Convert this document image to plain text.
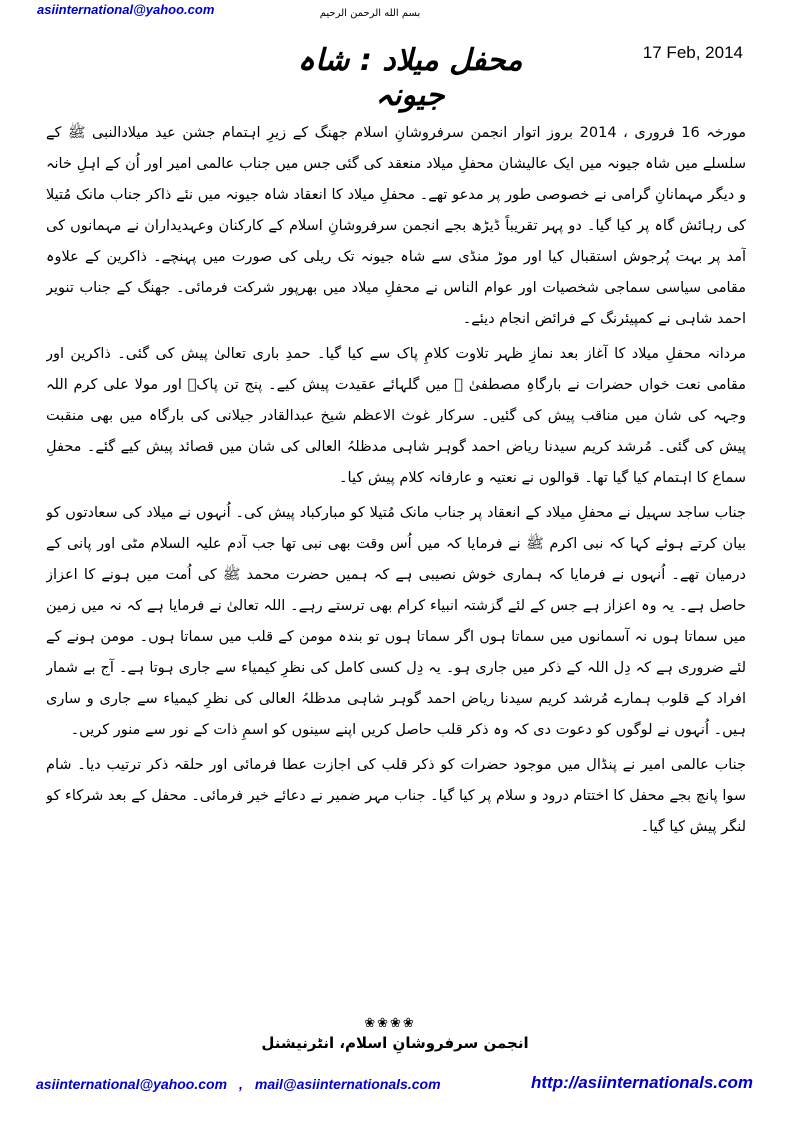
asiinternational@yahoo.com	بسم الله الرحمن الرحیم
17 Feb, 2014
محفل میلاد : شاہ جیونہ

مورخہ 16 فروری ، 2014 بروز اتوار انجمن سرفروشانِ اسلام جھنگ کے زیرِ اہتمام جشن عید میلادالنبی ﷺ کے سلسلے میں شاہ جیونہ میں ایک عالیشان محفلِ میلاد منعقد کی گئی جس میں جناب عالمی امیر اور اُن کے اہلِ خانہ و دیگر مہمانانِ گرامی نے خصوصی طور پر مدعو تھے۔ محفلِ میلاد کا انعقاد شاہ جیونہ میں نئے ذاکر جناب مانک مُتیلا کی رہائش گاہ پر کیا گیا۔ دو پہر تقریباً ڈیڑھ بجے انجمن سرفروشانِ اسلام کے کارکنان وعہدیداران نے مہمانوں کی آمد پر بہت پُرجوش استقبال کیا اور موڑ منڈی سے شاہ جیونہ تک ریلی کی صورت میں پہنچے۔ ذاکرین کے علاوہ مقامی سیاسی سماجی شخصیات اور عوام الناس نے محفلِ میلاد میں بھرپور شرکت فرمائی۔ جھنگ کے جناب تنویر احمد شاہی نے کمپیئرنگ کے فرائض انجام دیئے۔

مردانہ محفلِ میلاد کا آغاز بعد نمازِ ظہر تلاوت کلامِ پاک سے کیا گیا۔ حمدِ باری تعالیٰ پیش کی گئی۔ ذاکرین اور مقامی نعت خواں حضرات نے بارگاہِ مصطفیٰ ﷺ میں گلہائے عقیدت پیش کیے۔ پنج تن پاکؑ اور مولا علی کرم اللہ وجہہ کی شان میں مناقب پیش کی گئیں۔ سرکار غوث الاعظم شیخ عبدالقادر جیلانی کی بارگاہ میں بھی منقبت پیش کی گئی۔ مُرشد کریم سیدنا ریاض احمد گوہر شاہی مدظلہُ العالی کی شان میں قصائد پیش کیے گئے۔ محفلِ سماع کا اہتمام کیا گیا تھا۔ قوالوں نے نعتیہ و عارفانہ کلام پیش کیا۔

جناب ساجد سہیل نے محفلِ میلاد کے انعقاد پر جناب مانک مُتیلا کو مبارکباد پیش کی۔ اُنہوں نے میلاد کی سعادتوں کو بیان کرتے ہوئے کہا کہ نبی اکرم ﷺ نے فرمایا کہ میں اُس وقت بھی نبی تھا جب آدم علیہ السلام مٹی اور پانی کے درمیان تھے۔ اُنہوں نے فرمایا کہ ہماری خوش نصیبی ہے کہ ہمیں حضرت محمد ﷺ کی اُمت میں ہونے کا اعزاز حاصل ہے۔ یہ وہ اعزاز ہے جس کے لئے گزشتہ انبیاء کرام بھی ترستے رہے۔ اللہ تعالیٰ نے فرمایا ہے کہ نہ میں زمین میں سماتا ہوں نہ آسمانوں میں سماتا ہوں اگر سماتا ہوں تو بندہ مومن کے قلب میں سماتا ہوں۔ مومن ہونے کے لئے ضروری ہے کہ دِل اللہ کے ذکر میں جاری ہو۔ یہ دِل کسی کامل کی نظرِ کیمیاء سے جاری ہوتا ہے۔ آج بے شمار افراد کے قلوب ہمارے مُرشد کریم سیدنا ریاض احمد گوہر شاہی مدظلہُ العالی کی نظرِ کیمیاء سے جاری و ساری ہیں۔ اُنہوں نے لوگوں کو دعوت دی کہ وہ ذکر قلب حاصل کریں اپنے سینوں کو اسمِ ذات کے نور سے منور کریں۔

جناب عالمی امیر نے پنڈال میں موجود حضرات کو ذکر قلب کی اجازت عطا فرمائی اور حلقہ ذکر ترتیب دیا۔ شام سوا پانچ بجے محفل کا اختتام درود و سلام پر کیا گیا۔ جناب مہر ضمیر نے دعائے خیر فرمائی۔ محفل کے بعد شرکاء کو لنگر پیش کیا گیا۔

❀❀❀❀
انجمن سرفروشانِ اسلام، انٹرنیشنل
asiinternational@yahoo.com , mail@asiinternationals.com	http://asiinternationals.com
